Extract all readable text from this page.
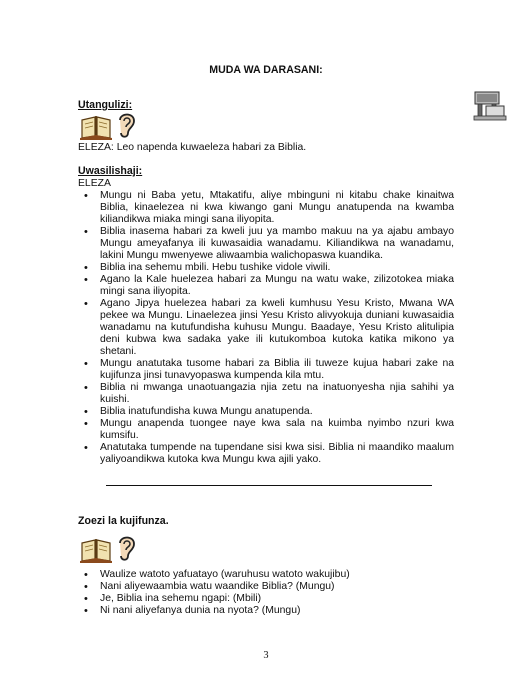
MUDA WA DARASANI:
Utangulizi:
ELEZA: Leo napenda kuwaeleza habari za Biblia.
Uwasilishaji:
ELEZA
• Mungu ni Baba yetu, Mtakatifu, aliye mbinguni ni kitabu chake kinaitwa Biblia, kinaelezea ni kwa kiwango gani Mungu anatupenda na kwamba kiliandikwa miaka mingi sana iliyopita.
• Biblia inasema habari za kweli juu ya mambo makuu na ya ajabu ambayo Mungu ameyafanya ili kuwasaidia wanadamu. Kiliandikwa na wanadamu, lakini Mungu mwenyewe aliwaambia walichopaswa kuandika.
• Biblia ina sehemu mbili. Hebu tushike vidole viwili.
• Agano la Kale huelezea habari za Mungu na watu wake, zilizotokea miaka mingi sana iliyopita.
• Agano Jipya huelezea habari za kweli kumhusu Yesu Kristo, Mwana WA pekee wa Mungu. Linaelezea jinsi Yesu Kristo alivyokuja duniani kuwasaidia wanadamu na kutufundisha kuhusu Mungu. Baadaye, Yesu Kristo alitulipia deni kubwa kwa sadaka yake ili kutukomboa kutoka katika mikono ya shetani.
• Mungu anatutaka tusome habari za Biblia ili tuweze kujua habari zake na kujifunza jinsi tunavyopaswa kumpenda kila mtu.
• Biblia ni mwanga unaotuangazia njia zetu na inatuonyesha njia sahihi ya kuishi.
• Biblia inatufundisha kuwa Mungu anatupenda.
• Mungu anapenda tuongee naye kwa sala na kuimba nyimbo nzuri kwa kumsifu.
• Anatutaka tumpende na tupendane sisi kwa sisi. Biblia ni maandiko maalum yaliyoandikwa kutoka kwa Mungu kwa ajili yako.
Zoezi la kujifunza.
• Waulize watoto yafuatayo (waruhusu watoto wakujibu)
• Nani aliyewaambia watu waandike Biblia? (Mungu)
• Je, Biblia ina sehemu ngapi: (Mbili)
• Ni nani aliyefanya dunia na nyota? (Mungu)
3
